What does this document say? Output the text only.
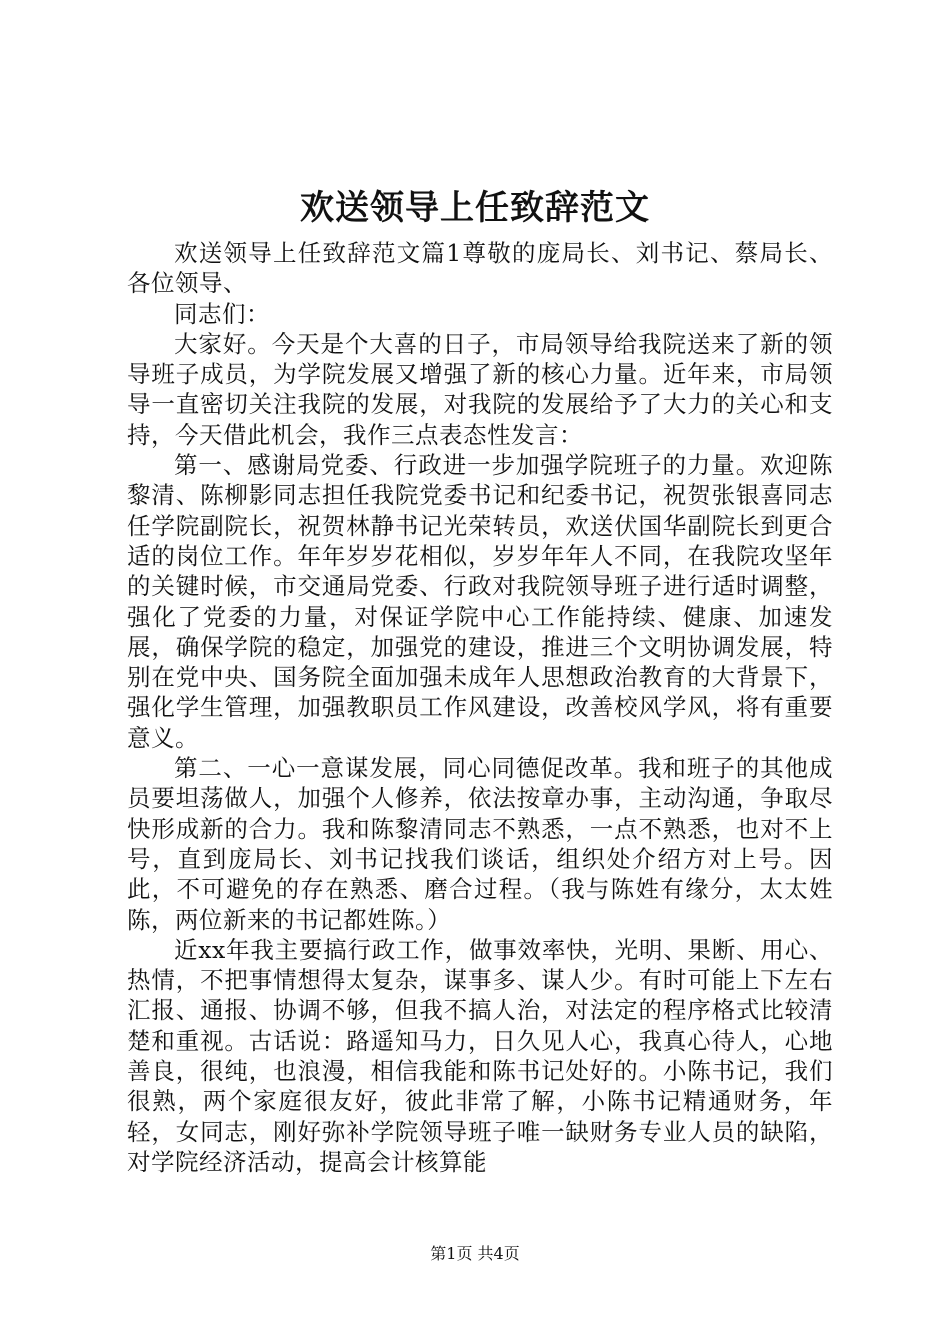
欢送领导上任致辞范文

欢送领导上任致辞范文篇1尊敬的庞局长、刘书记、蔡局长、各位领导、

同志们：

大家好。今天是个大喜的日子，市局领导给我院送来了新的领导班子成员，为学院发展又增强了新的核心力量。近年来，市局领导一直密切关注我院的发展，对我院的发展给予了大力的关心和支持，今天借此机会，我作三点表态性发言：

第一、感谢局党委、行政进一步加强学院班子的力量。欢迎陈黎清、陈柳影同志担任我院党委书记和纪委书记，祝贺张银喜同志任学院副院长，祝贺林静书记光荣转员，欢送伏国华副院长到更合适的岗位工作。年年岁岁花相似，岁岁年年人不同，在我院攻坚年的关键时候，市交通局党委、行政对我院领导班子进行适时调整，强化了党委的力量，对保证学院中心工作能持续、健康、加速发展，确保学院的稳定，加强党的建设，推进三个文明协调发展，特别在党中央、国务院全面加强未成年人思想政治教育的大背景下，强化学生管理，加强教职员工作风建设，改善校风学风，将有重要意义。

第二、一心一意谋发展，同心同德促改革。我和班子的其他成员要坦荡做人，加强个人修养，依法按章办事，主动沟通，争取尽快形成新的合力。我和陈黎清同志不熟悉，一点不熟悉，也对不上号，直到庞局长、刘书记找我们谈话，组织处介绍方对上号。因此，不可避免的存在熟悉、磨合过程。（我与陈姓有缘分，太太姓陈，两位新来的书记都姓陈。）

近xx年我主要搞行政工作，做事效率快，光明、果断、用心、热情，不把事情想得太复杂，谋事多、谋人少。有时可能上下左右汇报、通报、协调不够，但我不搞人治，对法定的程序格式比较清楚和重视。古话说：路遥知马力，日久见人心，我真心待人，心地善良，很纯，也浪漫，相信我能和陈书记处好的。小陈书记，我们很熟，两个家庭很友好，彼此非常了解，小陈书记精通财务，年轻，女同志，刚好弥补学院领导班子唯一缺财务专业人员的缺陷，对学院经济活动，提高会计核算能

第1页 共4页
